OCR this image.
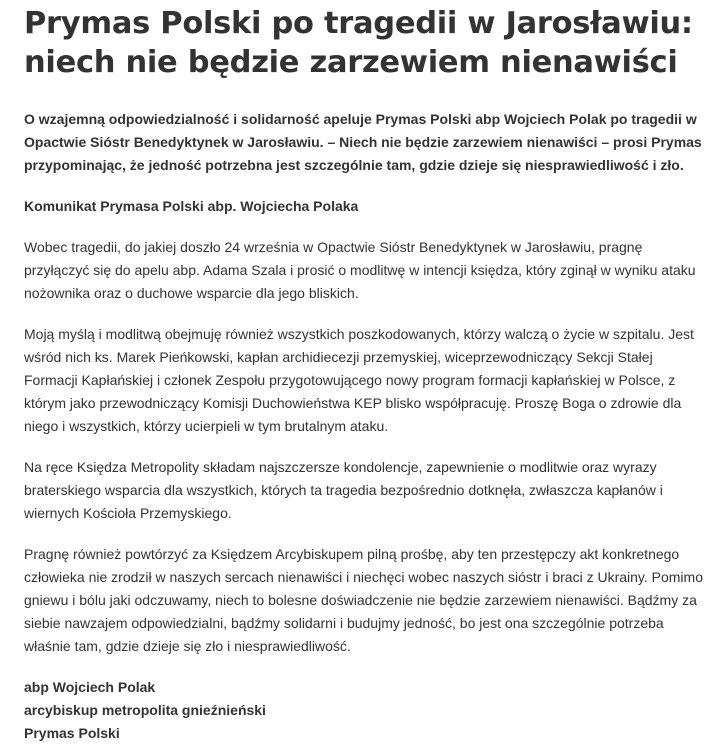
Prymas Polski po tragedii w Jarosławiu:
niech nie będzie zarzewiem nienawiści

O wzajemną odpowiedzialność i solidarność apeluje Prymas Polski abp Wojciech Polak po tragedii w
Opactwie Sióstr Benedyktynek w Jarosławiu. – Niech nie będzie zarzewiem nienawiści – prosi Prymas
przypominając, że jedność potrzebna jest szczególnie tam, gdzie dzieje się niesprawiedliwość i zło.

Komunikat Prymasa Polski abp. Wojciecha Polaka

Wobec tragedii, do jakiej doszło 24 września w Opactwie Sióstr Benedyktynek w Jarosławiu, pragnę
przyłączyć się do apelu abp. Adama Szala i prosić o modlitwę w intencji księdza, który zginął w wyniku ataku
nożownika oraz o duchowe wsparcie dla jego bliskich.

Moją myślą i modlitwą obejmuję również wszystkich poszkodowanych, którzy walczą o życie w szpitalu. Jest
wśród nich ks. Marek Pieńkowski, kapłan archidiecezji przemyskiej, wiceprzewodniczący Sekcji Stałej
Formacji Kapłańskiej i członek Zespołu przygotowującego nowy program formacji kapłańskiej w Polsce, z
którym jako przewodniczący Komisji Duchowieństwa KEP blisko współpracuję. Proszę Boga o zdrowie dla
niego i wszystkich, którzy ucierpieli w tym brutalnym ataku.

Na ręce Księdza Metropolity składam najszczersze kondolencje, zapewnienie o modlitwie oraz wyrazy
braterskiego wsparcia dla wszystkich, których ta tragedia bezpośrednio dotknęła, zwłaszcza kapłanów i
wiernych Kościoła Przemyskiego.

Pragnę również powtórzyć za Księdzem Arcybiskupem pilną prośbę, aby ten przestępczy akt konkretnego
człowieka nie zrodził w naszych sercach nienawiści i niechęci wobec naszych sióstr i braci z Ukrainy. Pomimo
gniewu i bólu jaki odczuwamy, niech to bolesne doświadczenie nie będzie zarzewiem nienawiści. Bądźmy za
siebie nawzajem odpowiedzialni, bądźmy solidarni i budujmy jedność, bo jest ona szczególnie potrzeba
właśnie tam, gdzie dzieje się zło i niesprawiedliwość.

abp Wojciech Polak
arcybiskup metropolita gnieźnieński
Prymas Polski
